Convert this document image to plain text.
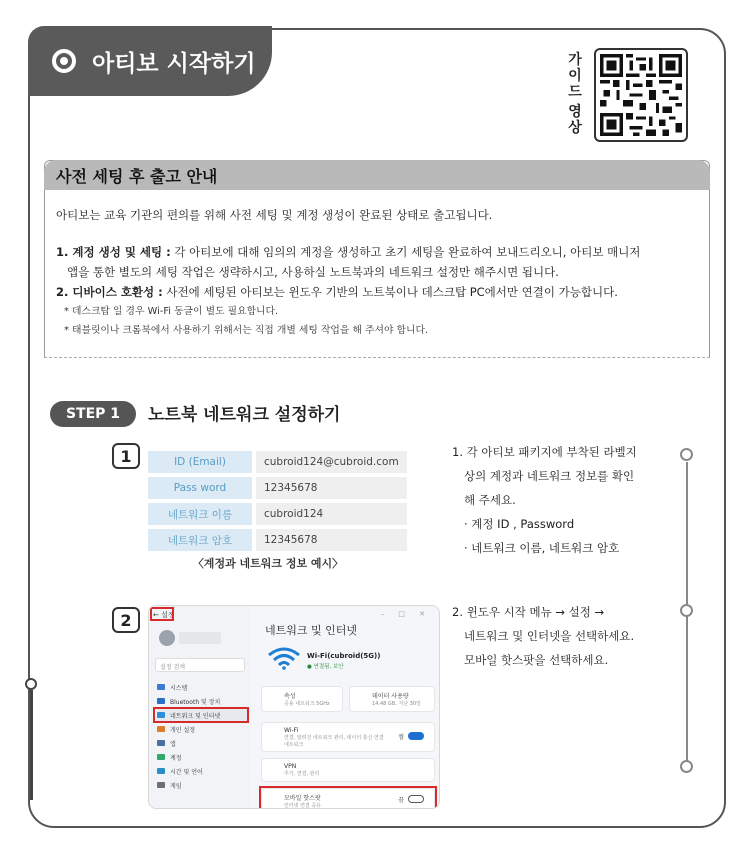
아티보 시작하기	가
이
드
영
상
사전 세팅 후 출고 안내

아티보는 교육 기관의 편의를 위해 사전 세팅 및 계정 생성이 완료된 상태로 출고됩니다.

1. 계정 생성 및 세팅 : 각 아티보에 대해 임의의 계정을 생성하고 초기 세팅을 완료하여 보내드리오니, 아티보 매니저

앱을 통한 별도의 세팅 작업은 생략하시고, 사용하실 노트북과의 네트워크 설정만 해주시면 됩니다.

2. 디바이스 호환성 : 사전에 세팅된 아티보는 윈도우 기반의 노트북이나 데스크탑 PC에서만 연결이 가능합니다.

* 데스크탑 일 경우 Wi-Fi 동글이 별도 필요합니다.

* 태블릿이나 크롬북에서 사용하기 위해서는 직접 개별 세팅 작업을 해 주셔야 합니다.

STEP 1	노트북 네트워크 설정하기
1	ID (Email)	cubroid124@cubroid.com
Pass word	12345678
네트워크 이름	cubroid124
네트워크 암호	12345678
〈계정과 네트워크 정보 예시〉
1. 각 아티보 패키지에 부착된 라벨지
상의 계정과 네트워크 정보를 확인
해 주세요.
· 계정 ID , Password
· 네트워크 이름, 네트워크 암호
2	2. 윈도우 시작 메뉴 → 설정 →
네트워크 및 인터넷을 선택하세요.
모바일 핫스팟을 선택하세요.
← 설정
설정 검색
시스템
Bluetooth 및 장치
네트워크 및 인터넷
개인 설정
앱
계정
시간 및 언어
게임
– □ ✕
네트워크 및 인터넷
Wi-Fi(cubroid(5G))
● 연결됨, 보안
속성
공용 네트워크 5GHz
데이터 사용량
14.48 GB, 지난 30일
Wi-Fi
연결, 알려진 네트워크 관리, 데이터 통신 연결 네트워크
켬
VPN
추가, 연결, 관리
모바일 핫스팟
인터넷 연결 공유
끔
